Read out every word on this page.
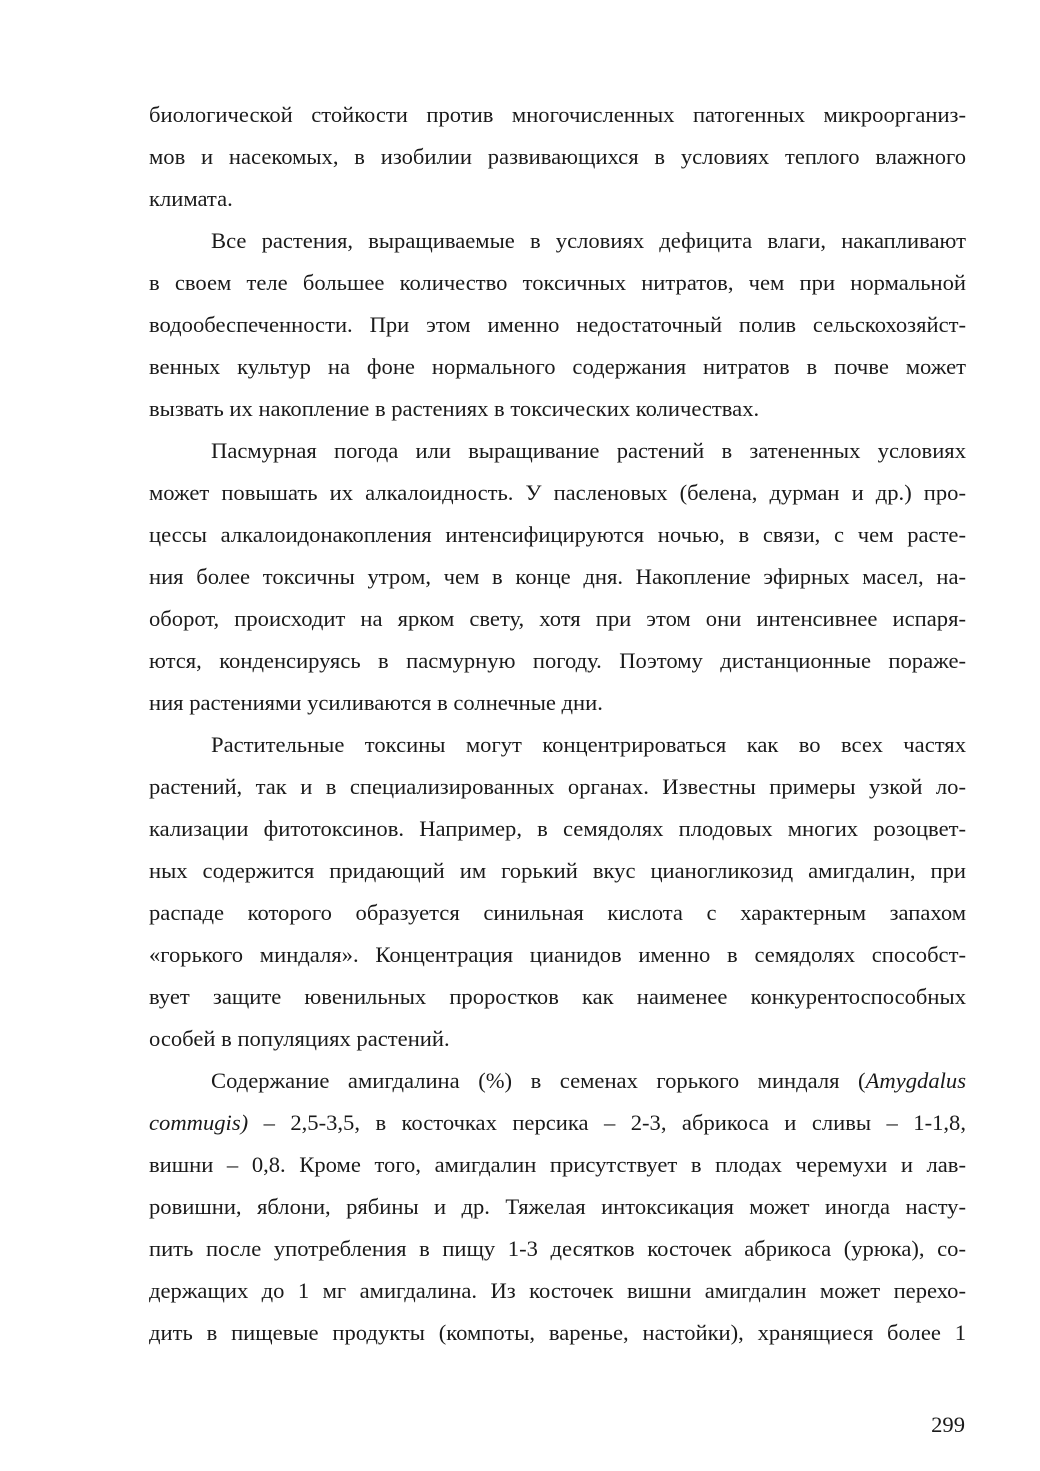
биологической стойкости против многочисленных патогенных микроорганиз-
мов и насекомых, в изобилии развивающихся в условиях теплого влажного
климата.

Все растения, выращиваемые в условиях дефицита влаги, накапливают
в своем теле большее количество токсичных нитратов, чем при нормальной
водообеспеченности. При этом именно недостаточный полив сельскохозяйст-
венных культур на фоне нормального содержания нитратов в почве может
вызвать их накопление в растениях в токсических количествах.

Пасмурная погода или выращивание растений в затененных условиях
может повышать их алкалоидность. У пасленовых (белена, дурман и др.) про-
цессы алкалоидонакопления интенсифицируются ночью, в связи, с чем расте-
ния более токсичны утром, чем в конце дня. Накопление эфирных масел, на-
оборот, происходит на ярком свету, хотя при этом они интенсивнее испаря-
ются, конденсируясь в пасмурную погоду. Поэтому дистанционные пораже-
ния растениями усиливаются в солнечные дни.

Растительные токсины могут концентрироваться как во всех частях
растений, так и в специализированных органах. Известны примеры узкой ло-
кализации фитотоксинов. Например, в семядолях плодовых многих розоцвет-
ных содержится придающий им горький вкус цианогликозид амигдалин, при
распаде которого образуется синильная кислота с характерным запахом
«горького миндаля». Концентрация цианидов именно в семядолях способст-
вует защите ювенильных проростков как наименее конкурентоспособных
особей в популяциях растений.

Содержание амигдалина (%) в семенах горького миндаля (Amygdalus
commugis) – 2,5-3,5, в косточках персика – 2-3, абрикоса и сливы – 1-1,8,
вишни – 0,8. Кроме того, амигдалин присутствует в плодах черемухи и лав-
ровишни, яблони, рябины и др. Тяжелая интоксикация может иногда насту-
пить после употребления в пищу 1-3 десятков косточек абрикоса (урюка), со-
держащих до 1 мг амигдалина. Из косточек вишни амигдалин может перехо-
дить в пищевые продукты (компоты, варенье, настойки), хранящиеся более 1

299
